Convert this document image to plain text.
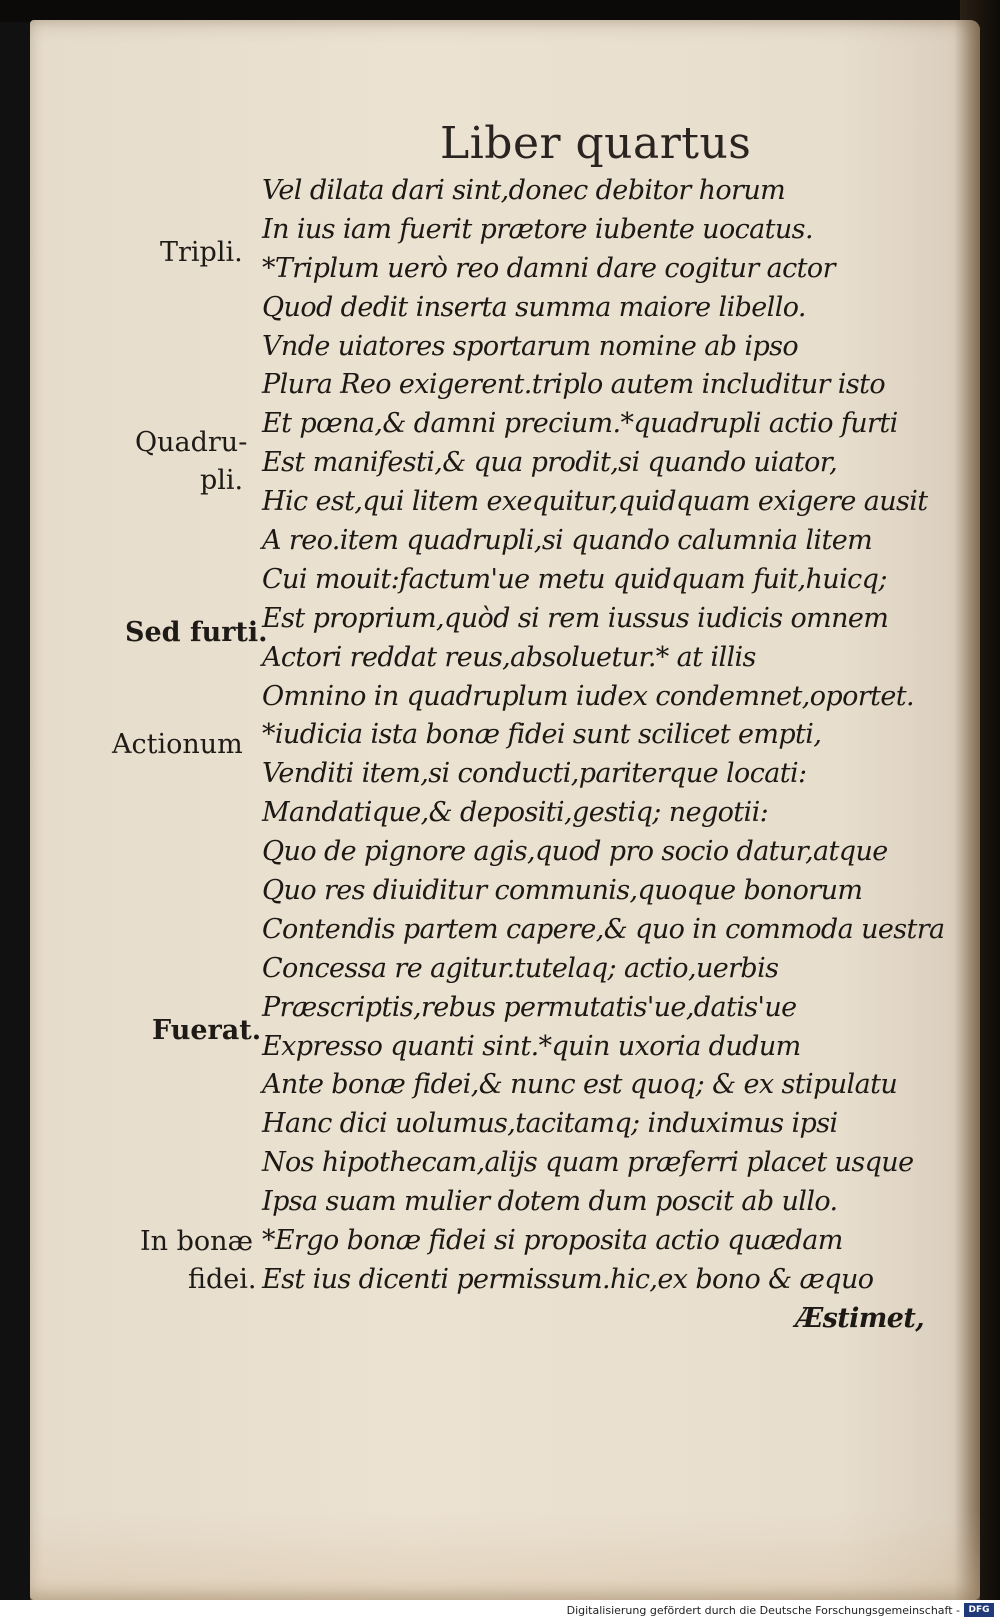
Liber quartus
Vel dilata dari sint,donec debitor horum
In ius iam fuerit prætore iubente uocatus.
*Triplum uerò reo damni dare cogitur actor
Quod dedit inserta summa maiore libello.
Vnde uiatores sportarum nomine ab ipso
Plura Reo exigerent.triplo autem includitur isto
Et pœna,& damni precium.*quadrupli actio furti
Est manifesti,& qua prodit,si quando uiator,
Hic est,qui litem exequitur,quidquam exigere ausit
A reo.item quadrupli,si quando calumnia litem
Cui mouit:factum'ue metu quidquam fuit,huicq;
Est proprium,quòd si rem iussus iudicis omnem
Actori reddat reus,absoluetur.* at illis
Omnino in quadruplum iudex condemnet,oportet.
*iudicia ista bonæ fidei sunt scilicet empti,
Venditi item,si conducti,pariterque locati:
Mandatique,& depositi,gestiq; negotii:
Quo de pignore agis,quod pro socio datur,atque
Quo res diuiditur communis,quoque bonorum
Contendis partem capere,& quo in commoda uestra
Concessa re agitur.tutelaq; actio,uerbis
Præscriptis,rebus permutatis'ue,datis'ue
Expresso quanti sint.*quin uxoria dudum
Ante bonæ fidei,& nunc est quoq; & ex stipulatu
Hanc dici uolumus,tacitamq; induximus ipsi
Nos hipothecam,alijs quam præferri placet usque
Ipsa suam mulier dotem dum poscit ab ullo.
*Ergo bonæ fidei si proposita actio quædam
Est ius dicenti permissum.hic,ex bono & æquo
Æstimet,
Tripli.
Quadru-
pli.
Sed furti.
Actionum
Fuerat.
In bonæ
fidei.
Digitalisierung gefördert durch die Deutsche Forschungsgemeinschaft - DFG
